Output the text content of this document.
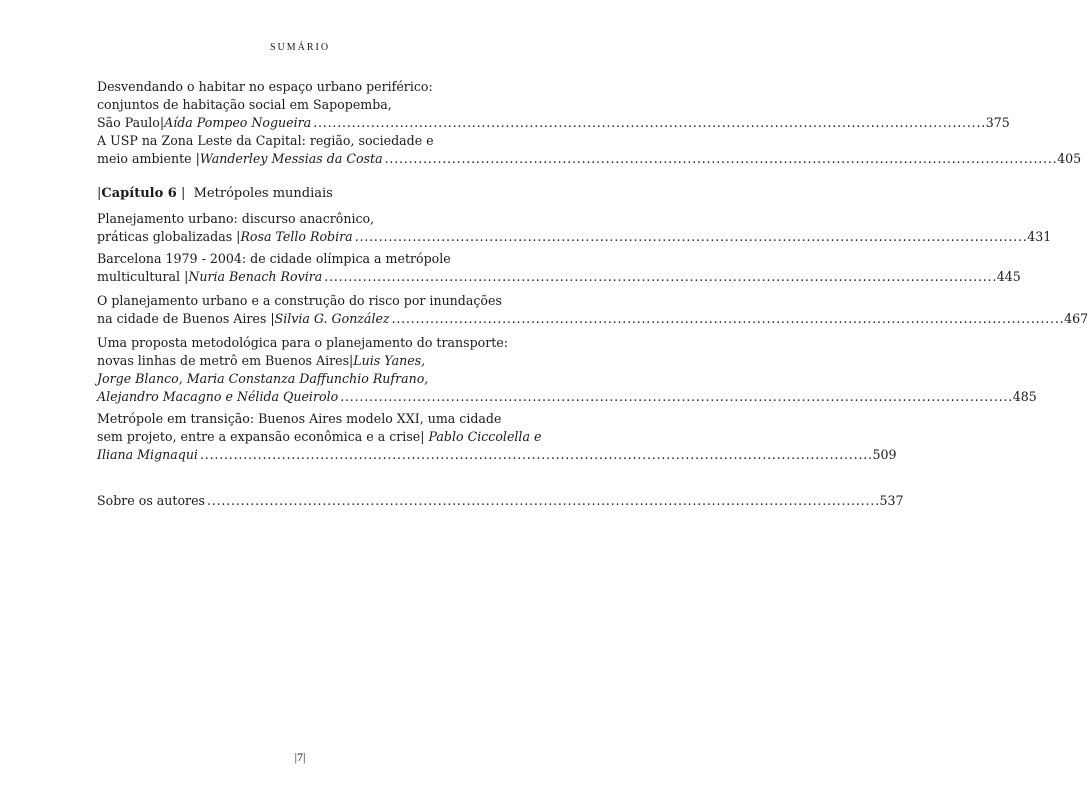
SUMÁRIO
Desvendando o habitar no espaço urbano periférico:
conjuntos de habitação social em Sapopemba,
São Paulo| Aída Pompeo Nogueira . . .	375
A USP na Zona Leste da Capital: região, sociedade e
meio ambiente | Wanderley Messias da Costa . . .	405
|Capítulo 6 | Metrópoles mundiais
Planejamento urbano: discurso anacrônico,
práticas globalizadas | Rosa Tello Robira . . .	431
Barcelona 1979 - 2004: de cidade olímpica a metrópole
multicultural | Nuria Benach Rovira . . .	445
O planejamento urbano e a construção do risco por inundações
na cidade de Buenos Aires | Silvia G. González . . .	467
Uma proposta metodológica para o planejamento do transporte:
novas linhas de metrô em Buenos Aires|Luis Yanes,
Jorge Blanco, Maria Constanza Daffunchio Rufrano,
Alejandro Macagno e Nélida Queirolo . . .	485
Metrópole em transição: Buenos Aires modelo XXI, uma cidade
sem projeto, entre a expansão econômica e a crise| Pablo Ciccolella e
Iliana Mignaqui . . .	509
Sobre os autores . . .	537
|7|
